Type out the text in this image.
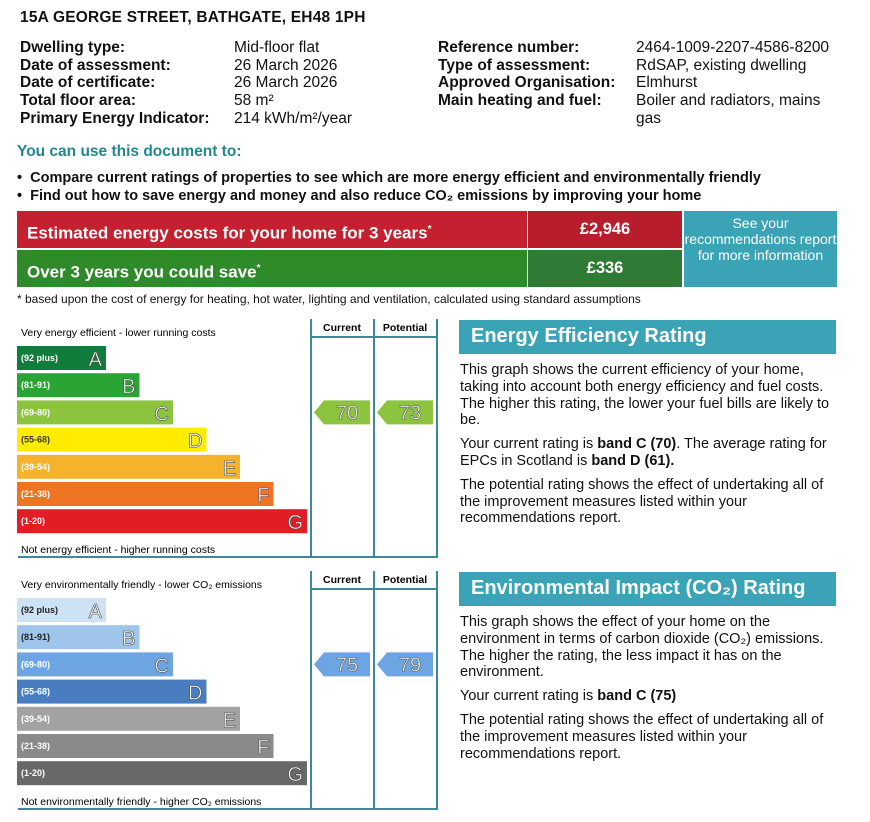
15A GEORGE STREET, BATHGATE, EH48 1PH
Dwelling type:	Mid-floor flat
Date of assessment:	26 March 2026
Date of certificate:	26 March 2026
Total floor area:	58 m²
Primary Energy Indicator: 214 kWh/m²/year
Reference number:	2464-1009-2207-4586-8200
Type of assessment:	RdSAP, existing dwelling
Approved Organisation: Elmhurst
Main heating and fuel: Boiler and radiators, mains gas
You can use this document to:
•  Compare current ratings of properties to see which are more energy efficient and environmentally friendly
•  Find out how to save energy and money and also reduce CO₂ emissions by improving your home
Estimated energy costs for your home for 3 years*	£2,946
Over 3 years you could save*	£336
See your recommendations report for more information
* based upon the cost of energy for heating, hot water, lighting and ventilation, calculated using standard assumptions
Very energy efficient - lower running costs
Not energy efficient - higher running costs
Current Potential
(92 plus) A
(81-91)	B
(69-80)	C
(55-68)	D
(39-54)	E
(21-38)	F
(1-20)	G
70 73
Very environmentally friendly - lower CO₂ emissions
Not environmentally friendly - higher CO₂ emissions
Current Potential
(92 plus) A
(81-91)	B
(69-80)	C
(55-68)	D
(39-54)	E
(21-38)	F
(1-20)	G
75 79
Energy Efficiency Rating

This graph shows the current efficiency of your home, taking into account both energy efficiency and fuel costs. The higher this rating, the lower your fuel bills are likely to be.

Your current rating is band C (70). The average rating for EPCs in Scotland is band D (61).

The potential rating shows the effect of undertaking all of the improvement measures listed within your recommendations report.

Environmental Impact (CO₂) Rating

This graph shows the effect of your home on the environment in terms of carbon dioxide (CO₂) emissions. The higher the rating, the less impact it has on the environment.

Your current rating is band C (75)

The potential rating shows the effect of undertaking all of the improvement measures listed within your recommendations report.
